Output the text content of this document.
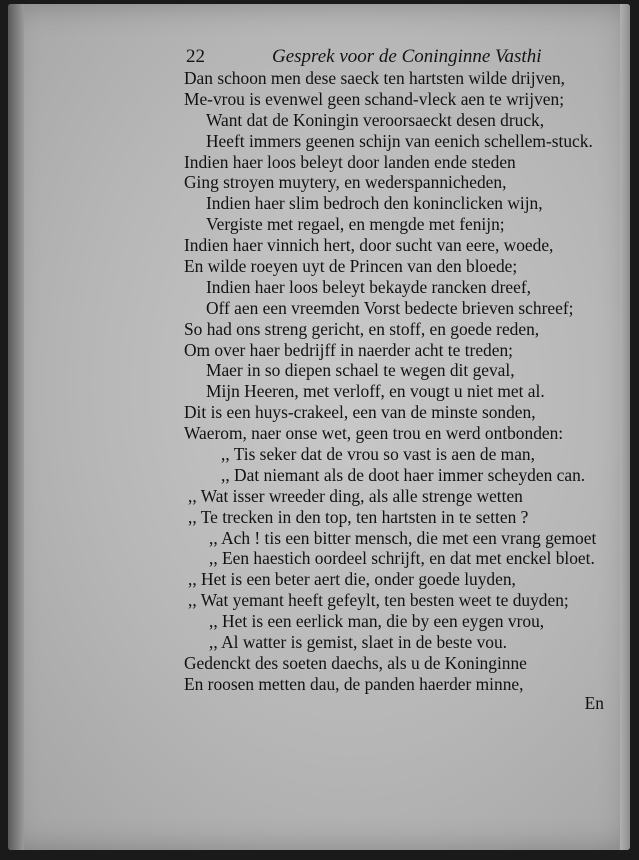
22	Gesprek voor de Coninginne Vasthi
Dan schoon men dese saeck ten hartsten wilde drijven,
Me-vrou is evenwel geen schand-vleck aen te wrijven;
Want dat de Koningin veroorsaeckt desen druck,
Heeft immers geenen schijn van eenich schellem-stuck.
Indien haer loos beleyt door landen ende steden
Ging stroyen muytery, en wederspannicheden,
Indien haer slim bedroch den koninclicken wijn,
Vergiste met regael, en mengde met fenijn;
Indien haer vinnich hert, door sucht van eere, woede,
En wilde roeyen uyt de Princen van den bloede;
Indien haer loos beleyt bekayde rancken dreef,
Off aen een vreemden Vorst bedecte brieven schreef;
So had ons streng gericht, en stoff, en goede reden,
Om over haer bedrijff in naerder acht te treden;
Maer in so diepen schael te wegen dit geval,
Mijn Heeren, met verloff, en vougt u niet met al.
Dit is een huys-crakeel, een van de minste sonden,
Waerom, naer onse wet, geen trou en werd ontbonden:
,, Tis seker dat de vrou so vast is aen de man,
,, Dat niemant als de doot haer immer scheyden can.
,, Wat isser wreeder ding, als alle strenge wetten
,, Te trecken in den top, ten hartsten in te setten ?
,, Ach ! tis een bitter mensch, die met een vrang gemoet
,, Een haestich oordeel schrijft, en dat met enckel bloet.
,, Het is een beter aert die, onder goede luyden,
,, Wat yemant heeft gefeylt, ten besten weet te duyden;
,, Het is een eerlick man, die by een eygen vrou,
,, Al watter is gemist, slaet in de beste vou.
Gedenckt des soeten daechs, als u de Koninginne
En roosen metten dau, de panden haerder minne,
En
